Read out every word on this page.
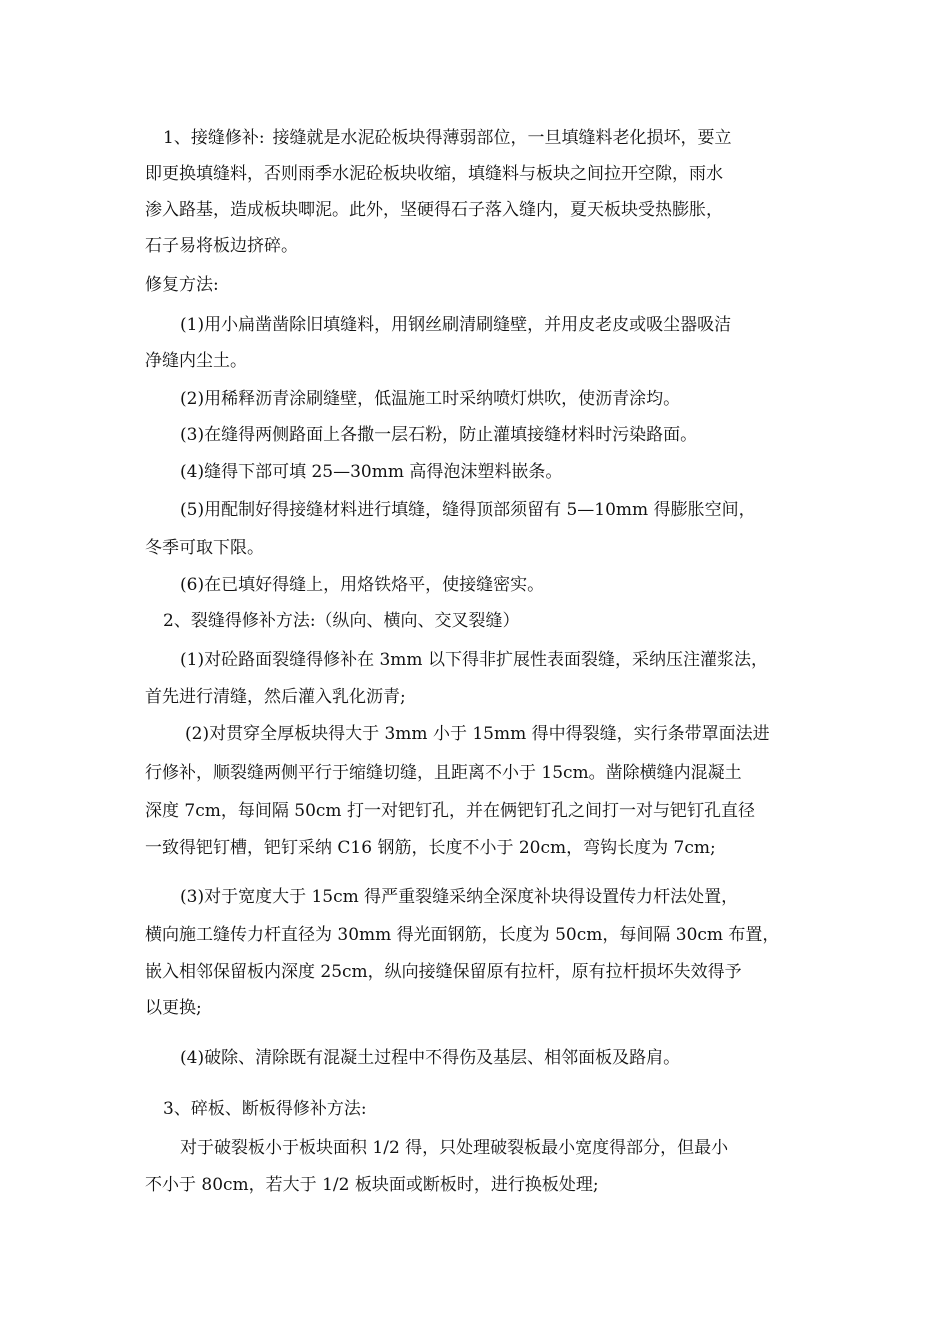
1、接缝修补: 接缝就是水泥砼板块得薄弱部位，一旦填缝料老化损坏，要立
即更换填缝料，否则雨季水泥砼板块收缩，填缝料与板块之间拉开空隙，雨水
渗入路基，造成板块唧泥。此外，坚硬得石子落入缝内，夏天板块受热膨胀，
石子易将板边挤碎。
修复方法:
(1)用小扁凿凿除旧填缝料，用钢丝刷清刷缝壁，并用皮老皮或吸尘器吸洁
净缝内尘土。
(2)用稀释沥青涂刷缝壁，低温施工时采纳喷灯烘吹，使沥青涂均。
(3)在缝得两侧路面上各撒一层石粉，防止灌填接缝材料时污染路面。
(4)缝得下部可填 25—30mm 高得泡沫塑料嵌条。
(5)用配制好得接缝材料进行填缝，缝得顶部须留有 5—10mm 得膨胀空间，
冬季可取下限。
(6)在已填好得缝上，用烙铁烙平，使接缝密实。
2、裂缝得修补方法:（纵向、横向、交叉裂缝）
(1)对砼路面裂缝得修补在 3mm 以下得非扩展性表面裂缝，采纳压注灌浆法，
首先进行清缝，然后灌入乳化沥青;
(2)对贯穿全厚板块得大于 3mm 小于 15mm 得中得裂缝，实行条带罩面法进
行修补，顺裂缝两侧平行于缩缝切缝，且距离不小于 15cm。凿除横缝内混凝土
深度 7cm，每间隔 50cm 打一对钯钉孔，并在俩钯钉孔之间打一对与钯钉孔直径
一致得钯钉槽，钯钉采纳 C16 钢筋，长度不小于 20cm，弯钩长度为 7cm;
(3)对于宽度大于 15cm 得严重裂缝采纳全深度补块得设置传力杆法处置，
横向施工缝传力杆直径为 30mm 得光面钢筋，长度为 50cm，每间隔 30cm 布置，
嵌入相邻保留板内深度 25cm，纵向接缝保留原有拉杆，原有拉杆损坏失效得予
以更换;
(4)破除、清除既有混凝土过程中不得伤及基层、相邻面板及路肩。
3、碎板、断板得修补方法:
对于破裂板小于板块面积 1/2 得，只处理破裂板最小宽度得部分，但最小
不小于 80cm，若大于 1/2 板块面或断板时，进行换板处理;
